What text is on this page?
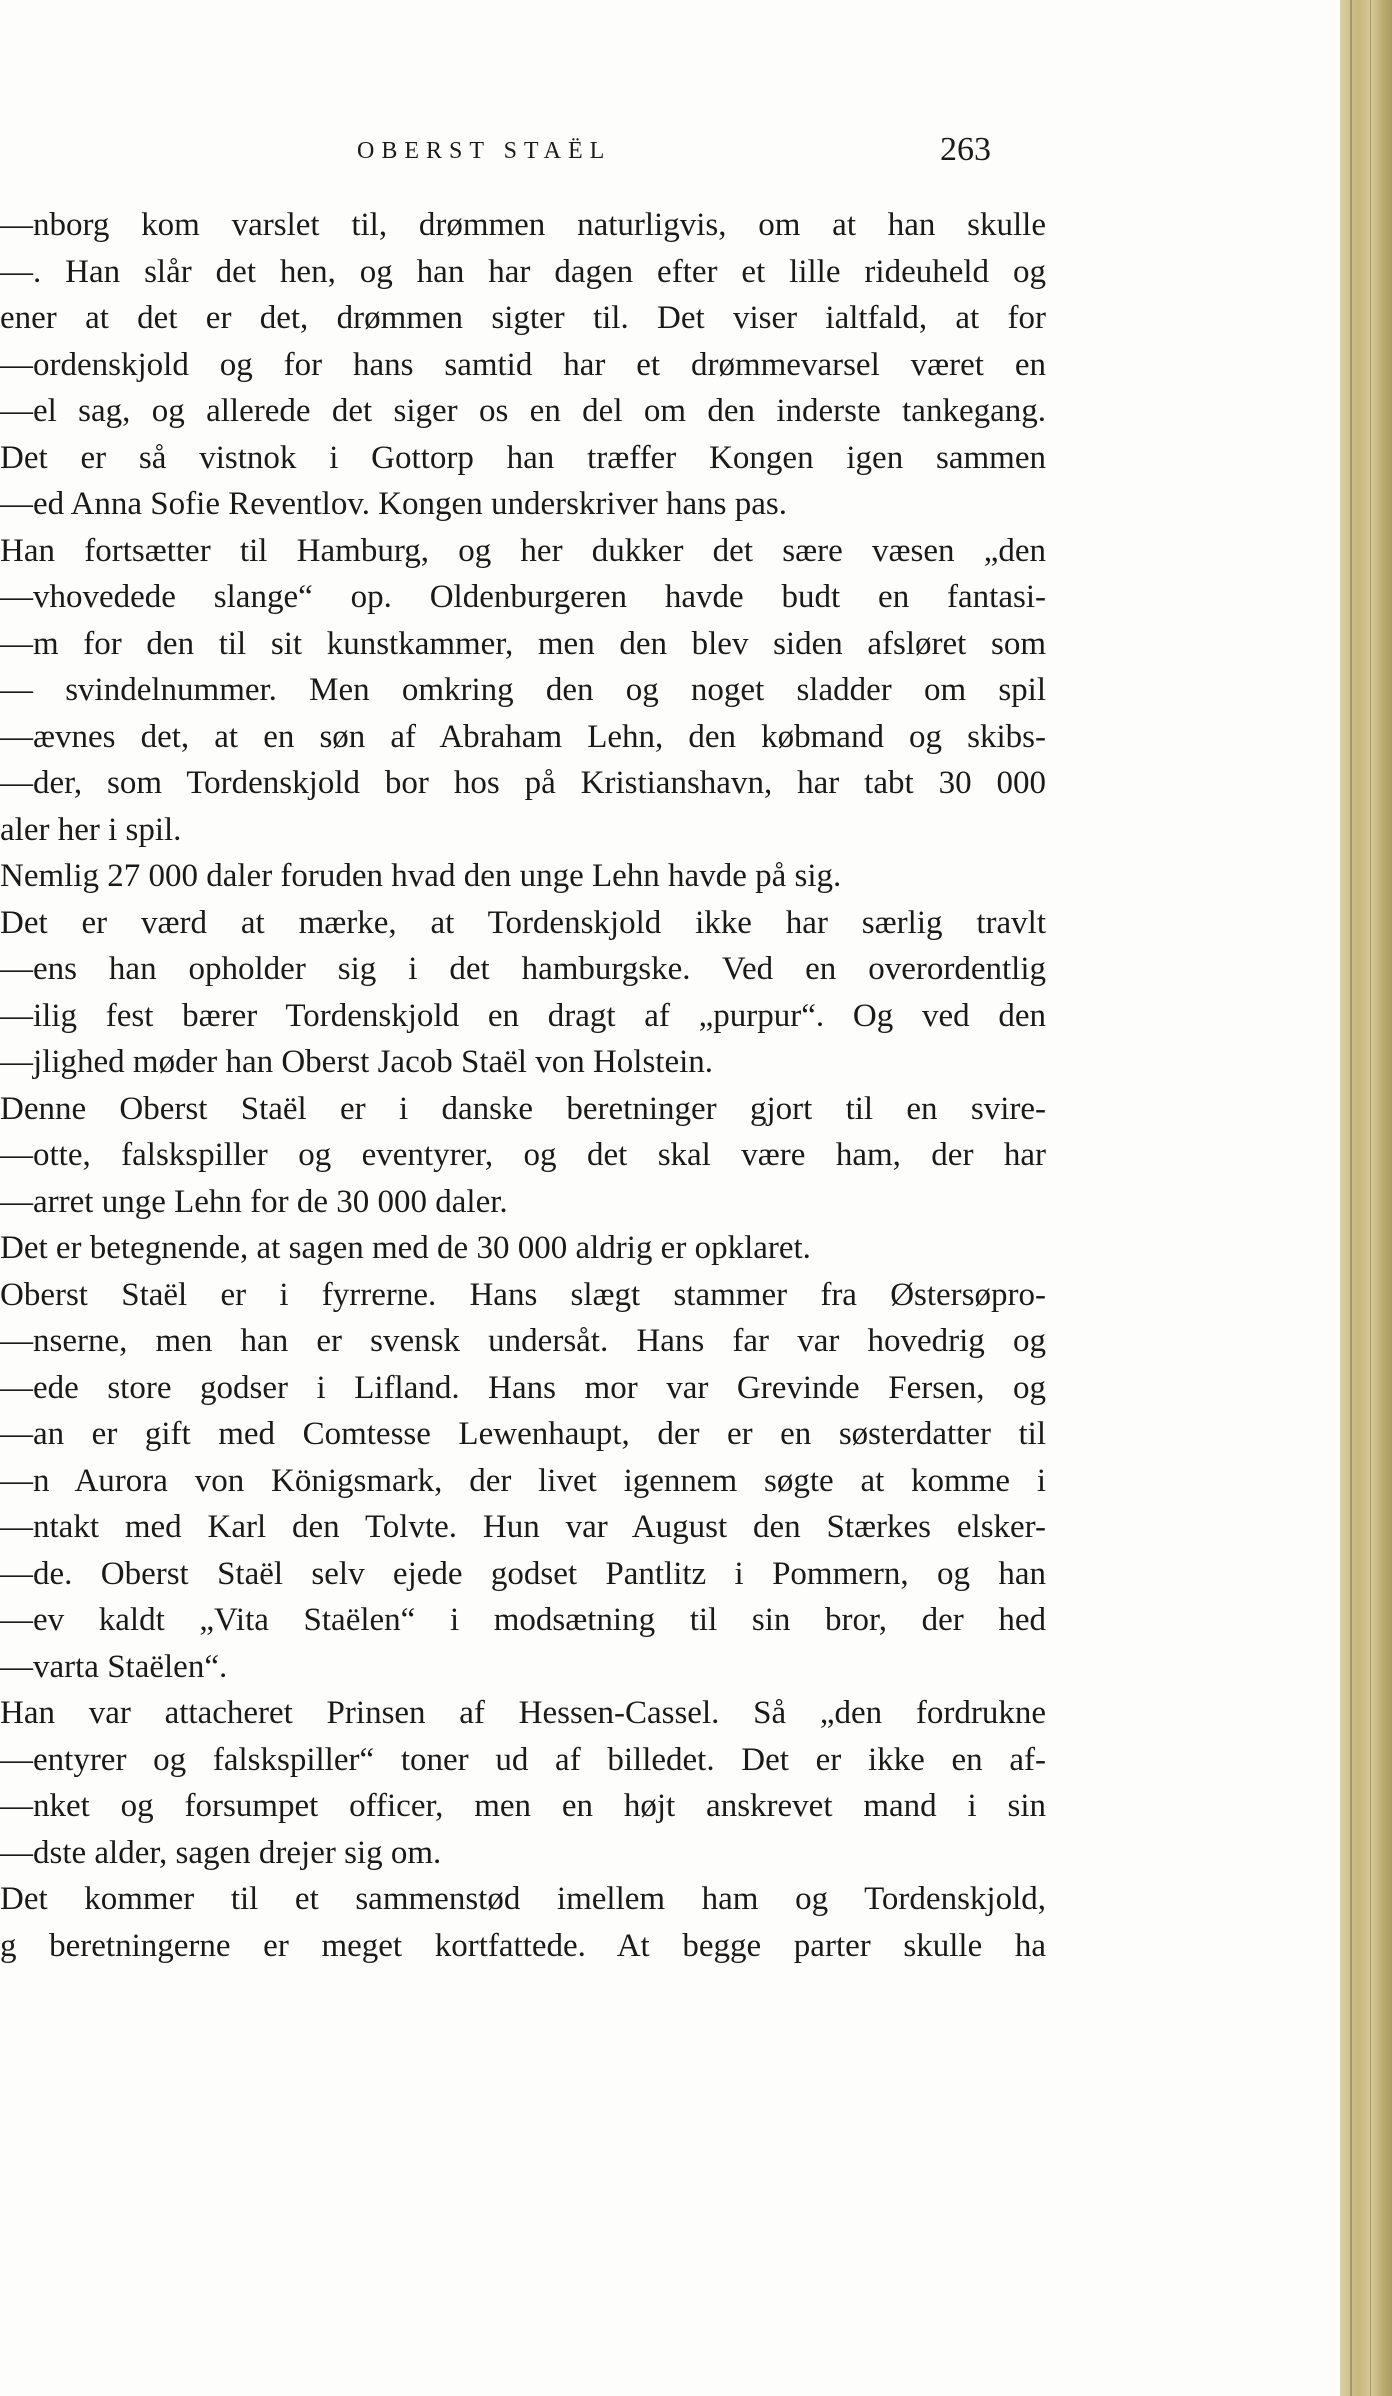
OBERST STAËL	263
—nborg kom varslet til, drømmen naturligvis, om at han skulle
—. Han slår det hen, og han har dagen efter et lille rideuheld og
ener at det er det, drømmen sigter til. Det viser ialtfald, at for
—ordenskjold og for hans samtid har et drømmevarsel været en
—el sag, og allerede det siger os en del om den inderste tankegang.
Det er så vistnok i Gottorp han træffer Kongen igen sammen
—ed Anna Sofie Reventlov. Kongen underskriver hans pas.
Han fortsætter til Hamburg, og her dukker det sære væsen „den
—vhovedede slange“ op. Oldenburgeren havde budt en fantasi-
—m for den til sit kunstkammer, men den blev siden afsløret som
— svindelnummer. Men omkring den og noget sladder om spil
—ævnes det, at en søn af Abraham Lehn, den købmand og skibs-
—der, som Tordenskjold bor hos på Kristianshavn, har tabt 30 000
aler her i spil.
Nemlig 27 000 daler foruden hvad den unge Lehn havde på sig.
Det er værd at mærke, at Tordenskjold ikke har særlig travlt
—ens han opholder sig i det hamburgske. Ved en overordentlig
—ilig fest bærer Tordenskjold en dragt af „purpur“. Og ved den
—jlighed møder han Oberst Jacob Staël von Holstein.
Denne Oberst Staël er i danske beretninger gjort til en svire-
—otte, falskspiller og eventyrer, og det skal være ham, der har
—arret unge Lehn for de 30 000 daler.
Det er betegnende, at sagen med de 30 000 aldrig er opklaret.
Oberst Staël er i fyrrerne. Hans slægt stammer fra Østersøpro-
—nserne, men han er svensk undersåt. Hans far var hovedrig og
—ede store godser i Lifland. Hans mor var Grevinde Fersen, og
—an er gift med Comtesse Lewenhaupt, der er en søsterdatter til
—n Aurora von Königsmark, der livet igennem søgte at komme i
—ntakt med Karl den Tolvte. Hun var August den Stærkes elsker-
—de. Oberst Staël selv ejede godset Pantlitz i Pommern, og han
—ev kaldt „Vita Staëlen“ i modsætning til sin bror, der hed
—varta Staëlen“.
Han var attacheret Prinsen af Hessen-Cassel. Så „den fordrukne
—entyrer og falskspiller“ toner ud af billedet. Det er ikke en af-
—nket og forsumpet officer, men en højt anskrevet mand i sin
—dste alder, sagen drejer sig om.
Det kommer til et sammenstød imellem ham og Tordenskjold,
g beretningerne er meget kortfattede. At begge parter skulle ha
